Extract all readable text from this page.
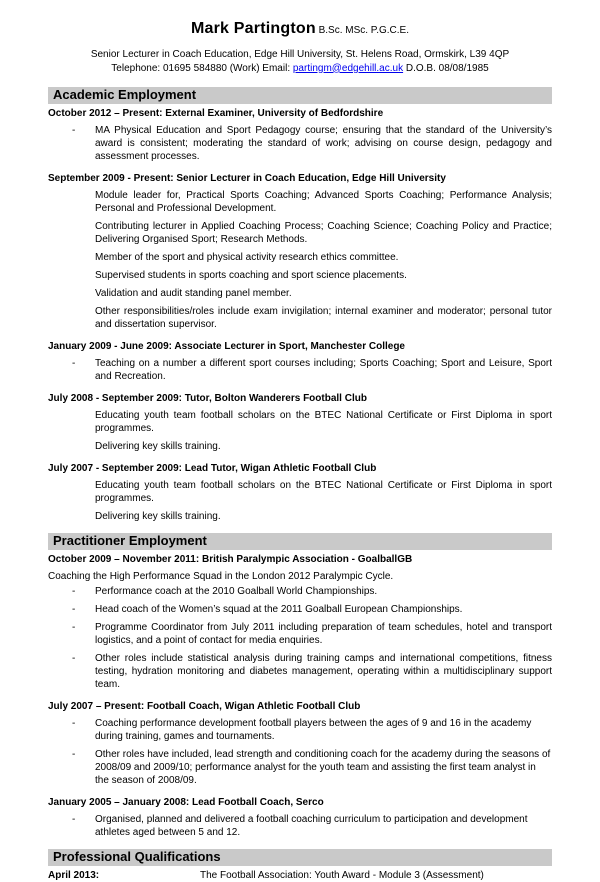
Mark Partington B.Sc. MSc. P.G.C.E.
Senior Lecturer in Coach Education, Edge Hill University, St. Helens Road, Ormskirk, L39 4QP
Telephone: 01695 584880 (Work) Email: partingm@edgehill.ac.uk D.O.B. 08/08/1985
Academic Employment
October 2012 – Present: External Examiner, University of Bedfordshire
-
MA Physical Education and Sport Pedagogy course; ensuring that the standard of the University’s award is consistent; moderating the standard of work; advising on course design, pedagogy and assessment processes.
September 2009 - Present: Senior Lecturer in Coach Education, Edge Hill University
Module leader for, Practical Sports Coaching; Advanced Sports Coaching; Performance Analysis; Personal and Professional Development.
Contributing lecturer in Applied Coaching Process; Coaching Science; Coaching Policy and Practice; Delivering Organised Sport; Research Methods.
Member of the sport and physical activity research ethics committee.
Supervised students in sports coaching and sport science placements.
Validation and audit standing panel member.
Other responsibilities/roles include exam invigilation; internal examiner and moderator; personal tutor and dissertation supervisor.
January 2009 - June 2009: Associate Lecturer in Sport, Manchester College
-
Teaching on a number a different sport courses including; Sports Coaching; Sport and Leisure, Sport and Recreation.
July 2008 - September 2009: Tutor, Bolton Wanderers Football Club
Educating youth team football scholars on the BTEC National Certificate or First Diploma in sport programmes.
Delivering key skills training.
July 2007 - September 2009: Lead Tutor, Wigan Athletic Football Club
Educating youth team football scholars on the BTEC National Certificate or First Diploma in sport programmes.
Delivering key skills training.
Practitioner Employment
October 2009 – November 2011: British Paralympic Association - GoalballGB
Coaching the High Performance Squad in the London 2012 Paralympic Cycle.
-
Performance coach at the 2010 Goalball World Championships.
-
Head coach of the Women’s squad at the 2011 Goalball European Championships.
-
Programme Coordinator from July 2011 including preparation of team schedules, hotel and transport logistics, and a point of contact for media enquiries.
-
Other roles include statistical analysis during training camps and international competitions, fitness testing, hydration monitoring and diabetes management, operating within a multidisciplinary support team.
July 2007 – Present: Football Coach, Wigan Athletic Football Club
-
Coaching performance development football players between the ages of 9 and 16 in the academy during training, games and tournaments.
-
Other roles have included, lead strength and conditioning coach for the academy during the seasons of 2008/09 and 2009/10; performance analyst for the youth team and assisting the first team analyst in the season of 2008/09.
January 2005 – January 2008: Lead Football Coach, Serco
-
Organised, planned and delivered a football coaching curriculum to participation and development athletes aged between 5 and 12.
Professional Qualifications
April 2013:	The Football Association: Youth Award - Module 3 (Assessment)
